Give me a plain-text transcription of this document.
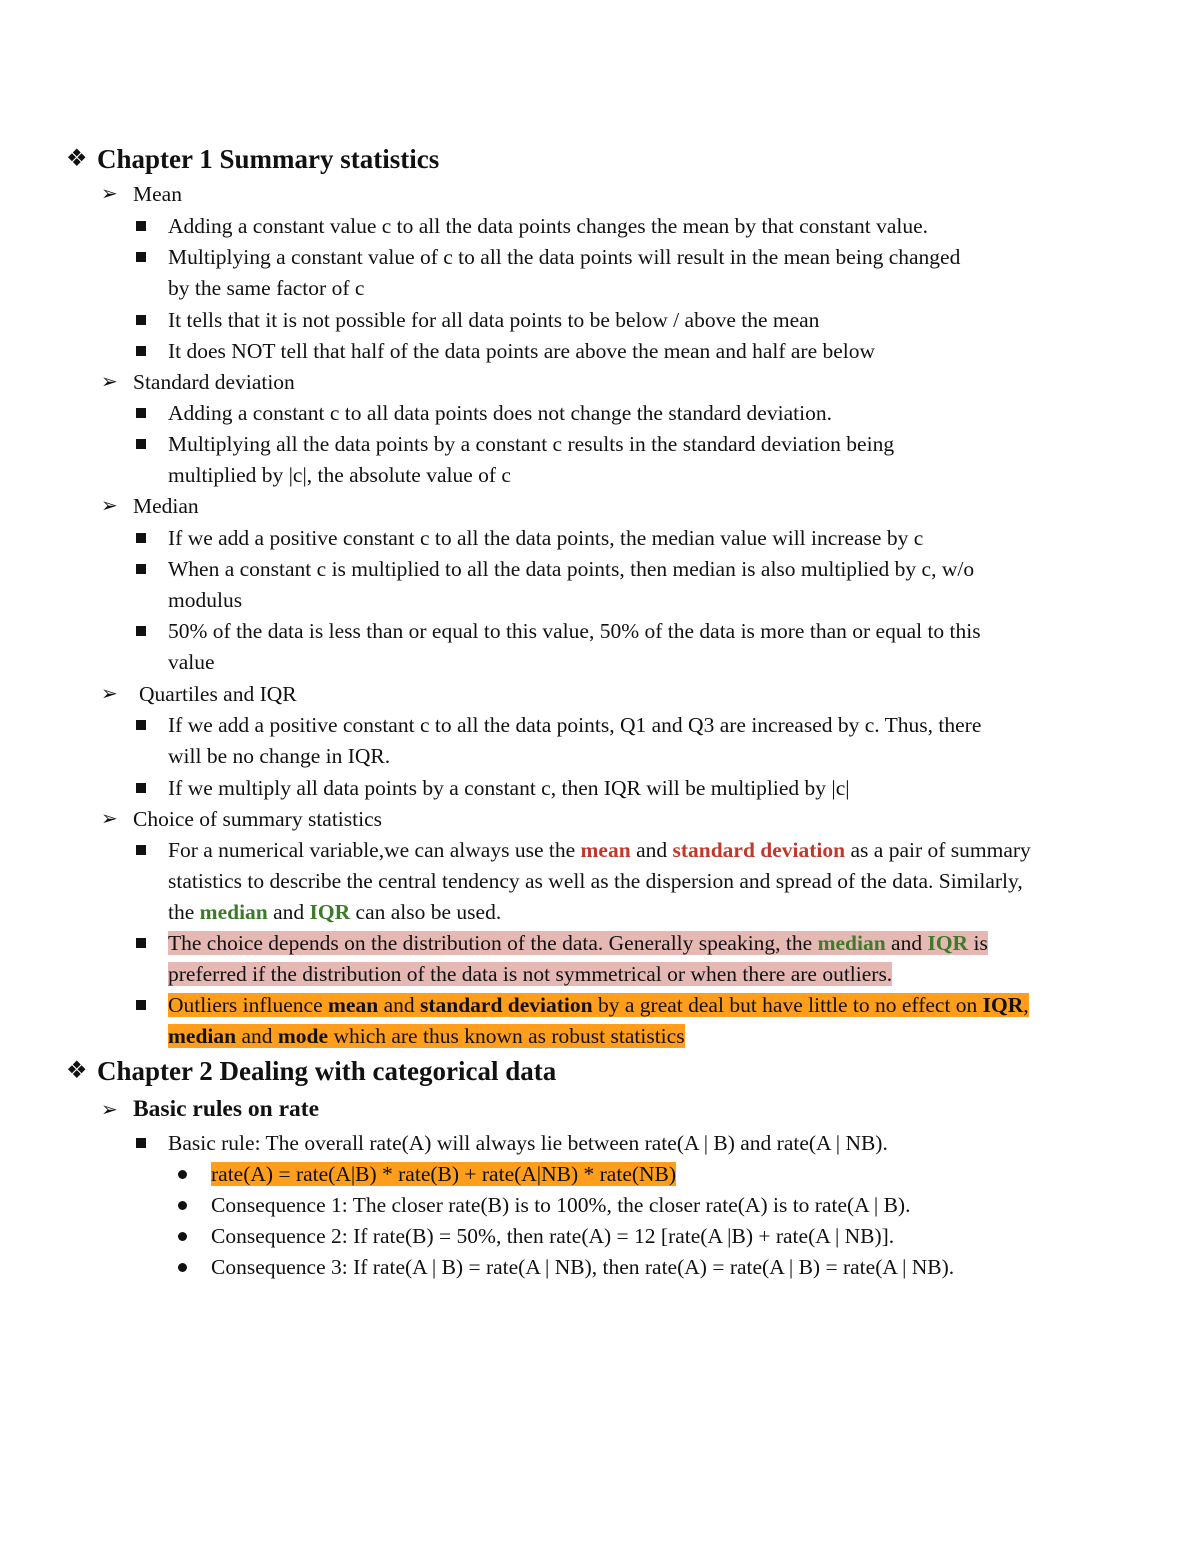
❖ Chapter 1 Summary statistics
➢ Mean
Adding a constant value c to all the data points changes the mean by that constant value.
Multiplying a constant value of c to all the data points will result in the mean being changed
by the same factor of c
It tells that it is not possible for all data points to be below / above the mean
It does NOT tell that half of the data points are above the mean and half are below
➢ Standard deviation
Adding a constant c to all data points does not change the standard deviation.
Multiplying all the data points by a constant c results in the standard deviation being
multiplied by |c|, the absolute value of c
➢ Median
If we add a positive constant c to all the data points, the median value will increase by c
When a constant c is multiplied to all the data points, then median is also multiplied by c, w/o
modulus
50% of the data is less than or equal to this value, 50% of the data is more than or equal to this
value
➢ Quartiles and IQR
If we add a positive constant c to all the data points, Q1 and Q3 are increased by c. Thus, there
will be no change in IQR.
If we multiply all data points by a constant c, then IQR will be multiplied by |c|
➢ Choice of summary statistics
For a numerical variable,we can always use the mean and standard deviation as a pair of summary
statistics to describe the central tendency as well as the dispersion and spread of the data. Similarly,
the median and IQR can also be used.
The choice depends on the distribution of the data. Generally speaking, the median and IQR is
preferred if the distribution of the data is not symmetrical or when there are outliers.
Outliers influence mean and standard deviation by a great deal but have little to no effect on IQR,
median and mode which are thus known as robust statistics
❖ Chapter 2 Dealing with categorical data
➢ Basic rules on rate
Basic rule: The overall rate(A) will always lie between rate(A | B) and rate(A | NB).
rate(A) = rate(A|B) * rate(B) + rate(A|NB) * rate(NB)
Consequence 1: The closer rate(B) is to 100%, the closer rate(A) is to rate(A | B).
Consequence 2: If rate(B) = 50%, then rate(A) = 12 [rate(A |B) + rate(A | NB)].
Consequence 3: If rate(A | B) = rate(A | NB), then rate(A) = rate(A | B) = rate(A | NB).
